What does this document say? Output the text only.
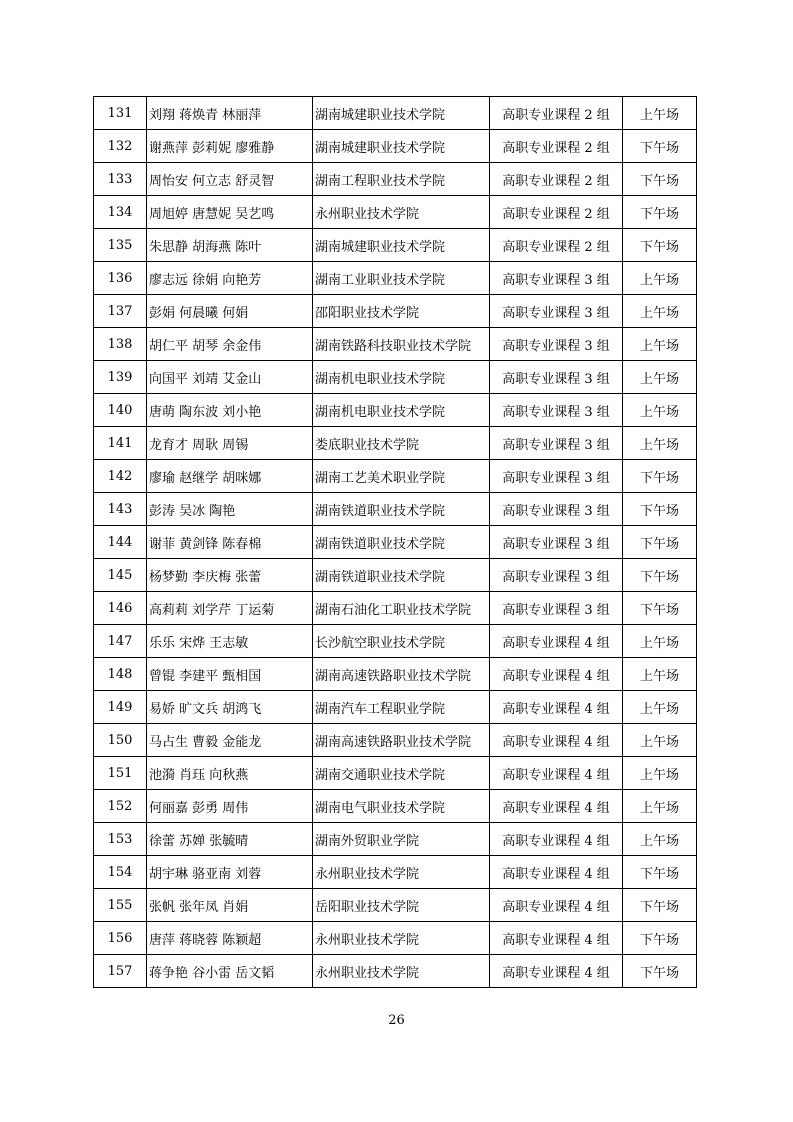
131	刘翔 蒋焕青 林丽萍	湖南城建职业技术学院	高职专业课程 2 组	上午场
132	谢燕萍 彭莉妮 廖雅静	湖南城建职业技术学院	高职专业课程 2 组	下午场
133	周怡安 何立志 舒灵智	湖南工程职业技术学院	高职专业课程 2 组	下午场
134	周旭婷 唐慧妮 吴艺鸣	永州职业技术学院	高职专业课程 2 组	下午场
135	朱思静 胡海燕 陈叶	湖南城建职业技术学院	高职专业课程 2 组	下午场
136	廖志远 徐娟 向艳芳	湖南工业职业技术学院	高职专业课程 3 组	上午场
137	彭娟 何晨曦 何娟	邵阳职业技术学院	高职专业课程 3 组	上午场
138	胡仁平 胡琴 余金伟	湖南铁路科技职业技术学院	高职专业课程 3 组	上午场
139	向国平 刘靖 艾金山	湖南机电职业技术学院	高职专业课程 3 组	上午场
140	唐萌 陶东波 刘小艳	湖南机电职业技术学院	高职专业课程 3 组	上午场
141	龙育才 周耿 周锡	娄底职业技术学院	高职专业课程 3 组	上午场
142	廖瑜 赵继学 胡咪娜	湖南工艺美术职业学院	高职专业课程 3 组	下午场
143	彭涛 吴冰 陶艳	湖南铁道职业技术学院	高职专业课程 3 组	下午场
144	谢菲 黄剑锋 陈春棉	湖南铁道职业技术学院	高职专业课程 3 组	下午场
145	杨梦勤 李庆梅 张蕾	湖南铁道职业技术学院	高职专业课程 3 组	下午场
146	高莉莉 刘学芹 丁运菊	湖南石油化工职业技术学院	高职专业课程 3 组	下午场
147	乐乐 宋烨 王志敏	长沙航空职业技术学院	高职专业课程 4 组	上午场
148	曾锟 李建平 甄相国	湖南高速铁路职业技术学院	高职专业课程 4 组	上午场
149	易娇 旷文兵 胡鸿飞	湖南汽车工程职业学院	高职专业课程 4 组	上午场
150	马占生 曹毅 金能龙	湖南高速铁路职业技术学院	高职专业课程 4 组	上午场
151	池漪 肖珏 向秋燕	湖南交通职业技术学院	高职专业课程 4 组	上午场
152	何丽嘉 彭勇 周伟	湖南电气职业技术学院	高职专业课程 4 组	上午场
153	徐蕾 苏婵 张毓晴	湖南外贸职业学院	高职专业课程 4 组	上午场
154	胡宇琳 骆亚南 刘蓉	永州职业技术学院	高职专业课程 4 组	下午场
155	张帆 张年凤 肖娟	岳阳职业技术学院	高职专业课程 4 组	下午场
156	唐萍 蒋晓蓉 陈颖超	永州职业技术学院	高职专业课程 4 组	下午场
157	蒋争艳 谷小雷 岳文韬	永州职业技术学院	高职专业课程 4 组	下午场
26
